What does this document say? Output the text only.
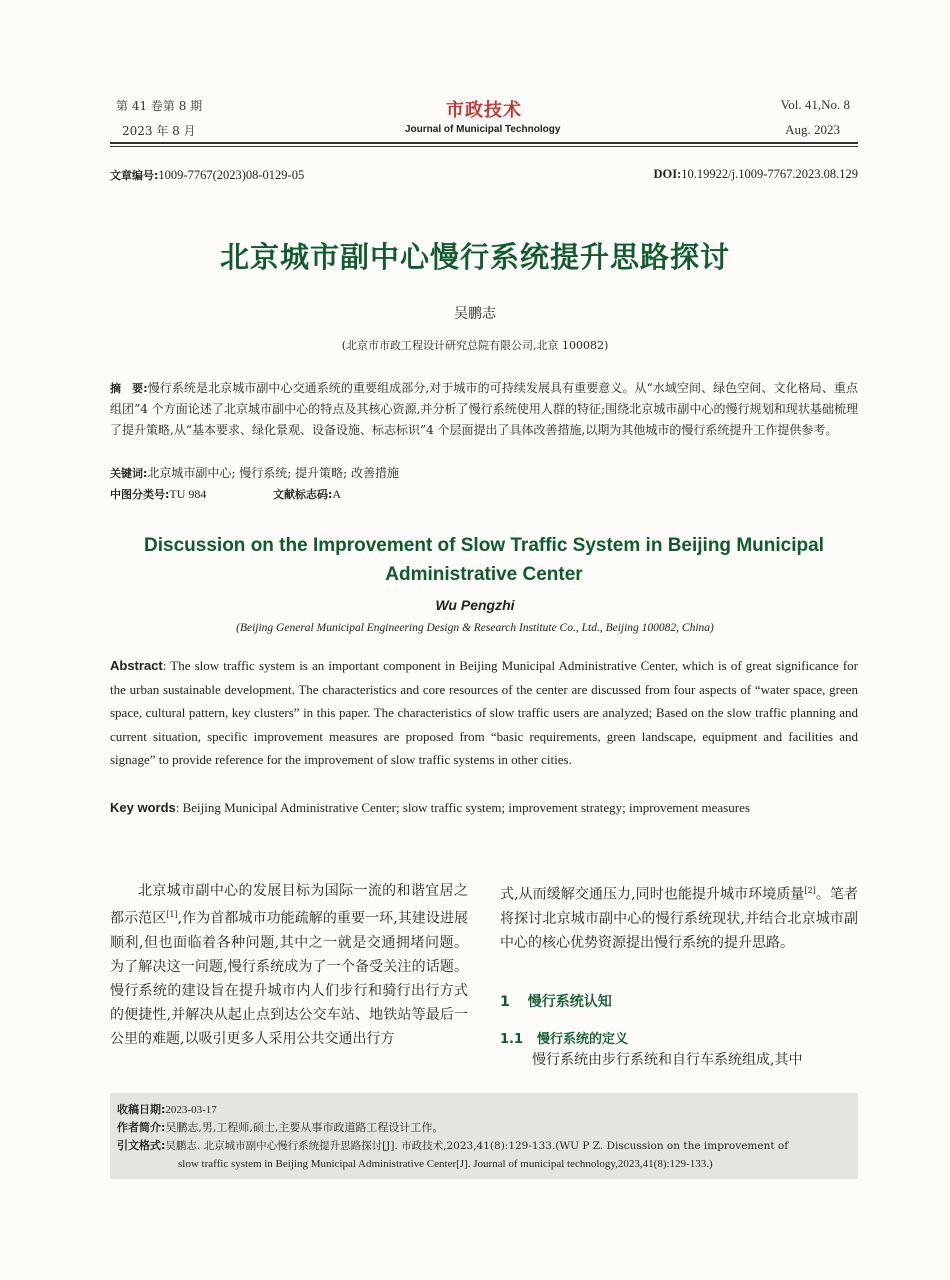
第 41 卷第 8 期
2023 年 8 月
市政技术
Journal of Municipal Technology
Vol. 41,No. 8
Aug. 2023
文章编号:1009-7767(2023)08-0129-05	DOI:10.19922/j.1009-7767.2023.08.129
北京城市副中心慢行系统提升思路探讨
吴鹏志
(北京市市政工程设计研究总院有限公司,北京 100082)
摘　要:慢行系统是北京城市副中心交通系统的重要组成部分,对于城市的可持续发展具有重要意义。从“水域空间、绿色空间、文化格局、重点组团”4 个方面论述了北京城市副中心的特点及其核心资源,并分析了慢行系统使用人群的特征;围绕北京城市副中心的慢行规划和现状基础梳理了提升策略,从“基本要求、绿化景观、设备设施、标志标识”4 个层面提出了具体改善措施,以期为其他城市的慢行系统提升工作提供参考。
关键词:北京城市副中心; 慢行系统; 提升策略; 改善措施
中图分类号:TU 984	文献标志码:A
Discussion on the Improvement of Slow Traffic System in Beijing Municipal Administrative Center
Wu Pengzhi
(Beijing General Municipal Engineering Design & Research Institute Co., Ltd., Beijing 100082, China)
Abstract: The slow traffic system is an important component in Beijing Municipal Administrative Center, which is of great significance for the urban sustainable development. The characteristics and core resources of the center are discussed from four aspects of “water space, green space, cultural pattern, key clusters” in this paper. The characteristics of slow traffic users are analyzed; Based on the slow traffic planning and current situation, specific improvement measures are proposed from “basic requirements, green landscape, equipment and facilities and signage” to provide reference for the improvement of slow traffic systems in other cities.
Key words: Beijing Municipal Administrative Center; slow traffic system; improvement strategy; improvement measures
北京城市副中心的发展目标为国际一流的和谐宜居之都示范区[1],作为首都城市功能疏解的重要一环,其建设进展顺利,但也面临着各种问题,其中之一就是交通拥堵问题。为了解决这一问题,慢行系统成为了一个备受关注的话题。慢行系统的建设旨在提升城市内人们步行和骑行出行方式的便捷性,并解决从起止点到达公交车站、地铁站等最后一公里的难题,以吸引更多人采用公共交通出行方
式,从而缓解交通压力,同时也能提升城市环境质量[2]。笔者将探讨北京城市副中心的慢行系统现状,并结合北京城市副中心的核心优势资源提出慢行系统的提升思路。
1 慢行系统认知
1.1 慢行系统的定义
慢行系统由步行系统和自行车系统组成,其中
收稿日期:2023-03-17
作者简介:吴鹏志,男,工程师,硕士,主要从事市政道路工程设计工作。
引文格式:吴鹏志. 北京城市副中心慢行系统提升思路探讨[J]. 市政技术,2023,41(8):129-133.(WU P Z. Discussion on the improvement of
slow traffic system in Beijing Municipal Administrative Center[J]. Journal of municipal technology,2023,41(8):129-133.)
